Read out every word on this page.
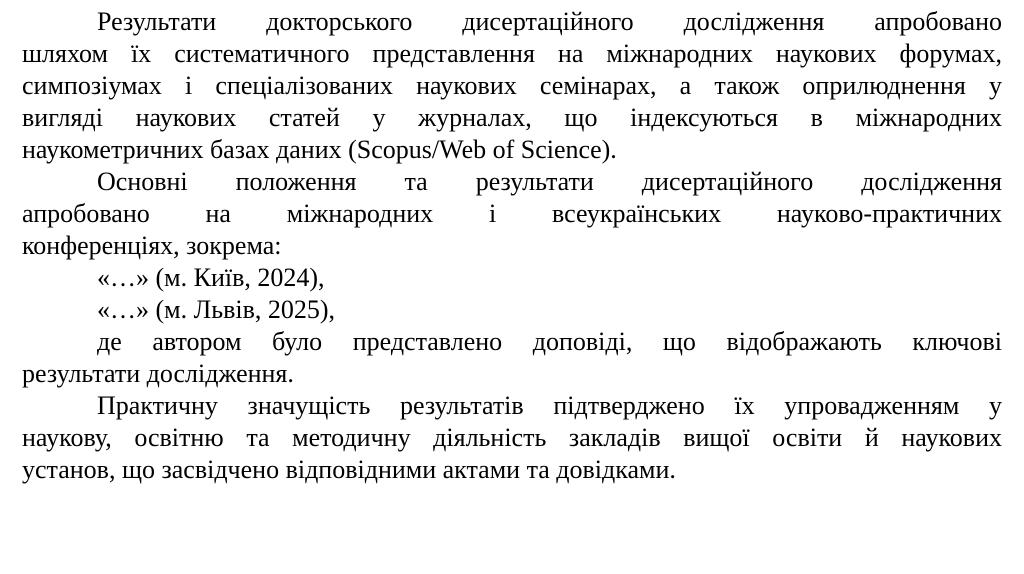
Результати докторського дисертаційного дослідження апробовано
шляхом їх систематичного представлення на міжнародних наукових форумах,
симпозіумах і спеціалізованих наукових семінарах, а також оприлюднення у
вигляді наукових статей у журналах, що індексуються в міжнародних
наукометричних базах даних (Scopus/Web of Science).
Основні положення та результати дисертаційного дослідження
апробовано на міжнародних і всеукраїнських науково-практичних
конференціях, зокрема:
«…» (м. Київ, 2024),
«…» (м. Львів, 2025),
де автором було представлено доповіді, що відображають ключові
результати дослідження.
Практичну значущість результатів підтверджено їх упровадженням у
наукову, освітню та методичну діяльність закладів вищої освіти й наукових
установ, що засвідчено відповідними актами та довідками.
